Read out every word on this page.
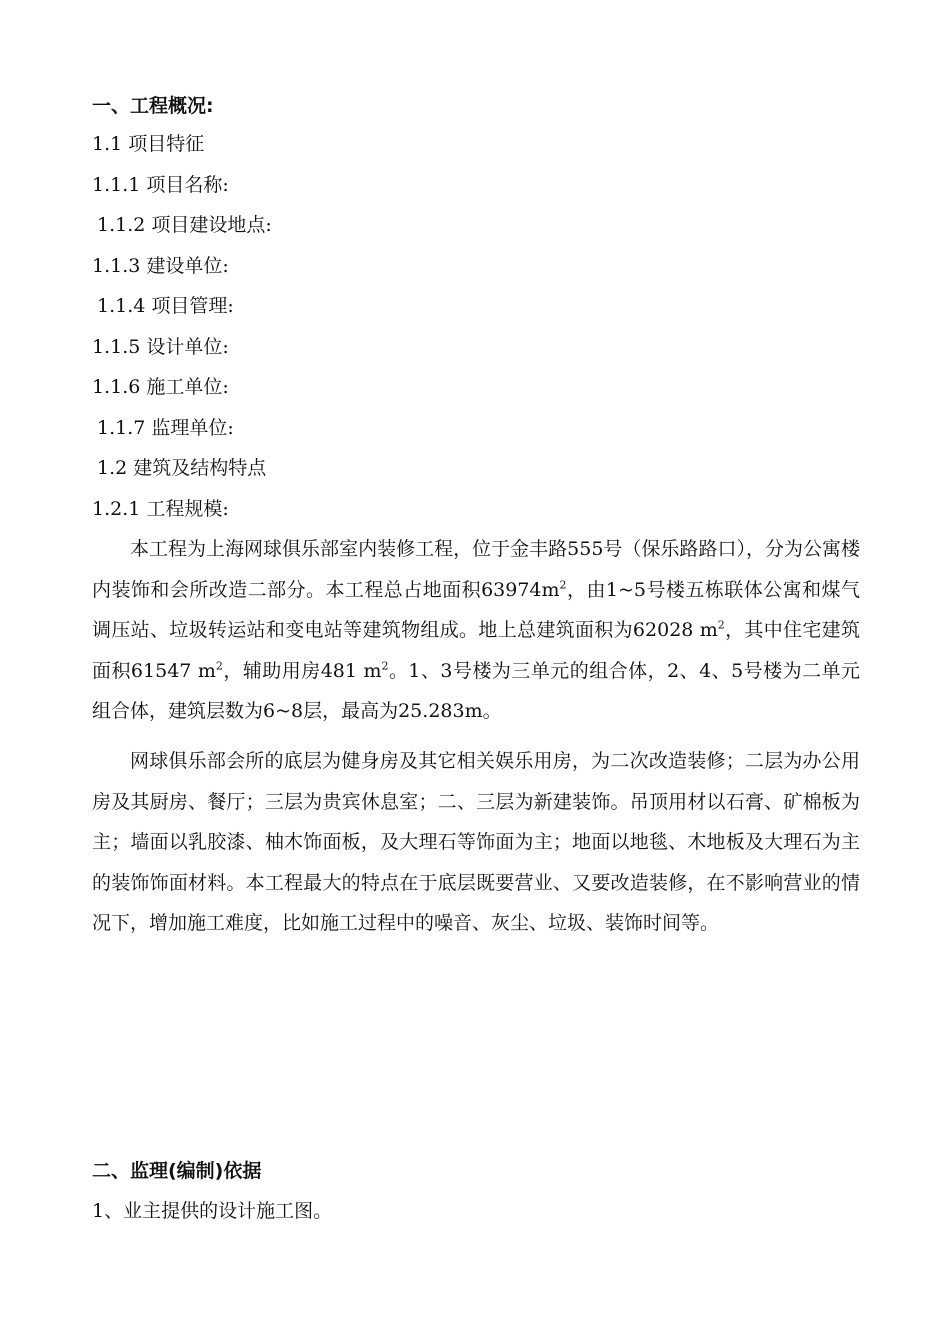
一、工程概况:
1.1 项目特征
1.1.1 项目名称:
1.1.2 项目建设地点:
1.1.3 建设单位:
1.1.4 项目管理:
1.1.5 设计单位:
1.1.6 施工单位:
1.1.7 监理单位:
1.2 建筑及结构特点
1.2.1 工程规模:

本工程为上海网球俱乐部室内装修工程，位于金丰路555号（保乐路路口），分为公寓楼内装饰和会所改造二部分。本工程总占地面积$63974m^2$，由1~5号楼五栋联体公寓和煤气调压站、垃圾转运站和变电站等建筑物组成。地上总建筑面积为62028 $m^2$，其中住宅建筑面积61547 $m^2$，辅助用房481 $m^2$。1、3号楼为三单元的组合体，2、4、5号楼为二单元组合体，建筑层数为6~8层，最高为25.283m。

网球俱乐部会所的底层为健身房及其它相关娱乐用房，为二次改造装修；二层为办公用房及其厨房、餐厅；三层为贵宾休息室；二、三层为新建装饰。吊顶用材以石膏、矿棉板为主；墙面以乳胶漆、柚木饰面板，及大理石等饰面为主；地面以地毯、木地板及大理石为主的装饰饰面材料。本工程最大的特点在于底层既要营业、又要改造装修，在不影响营业的情况下，增加施工难度，比如施工过程中的噪音、灰尘、垃圾、装饰时间等。

二、监理(编制)依据
1、业主提供的设计施工图。
